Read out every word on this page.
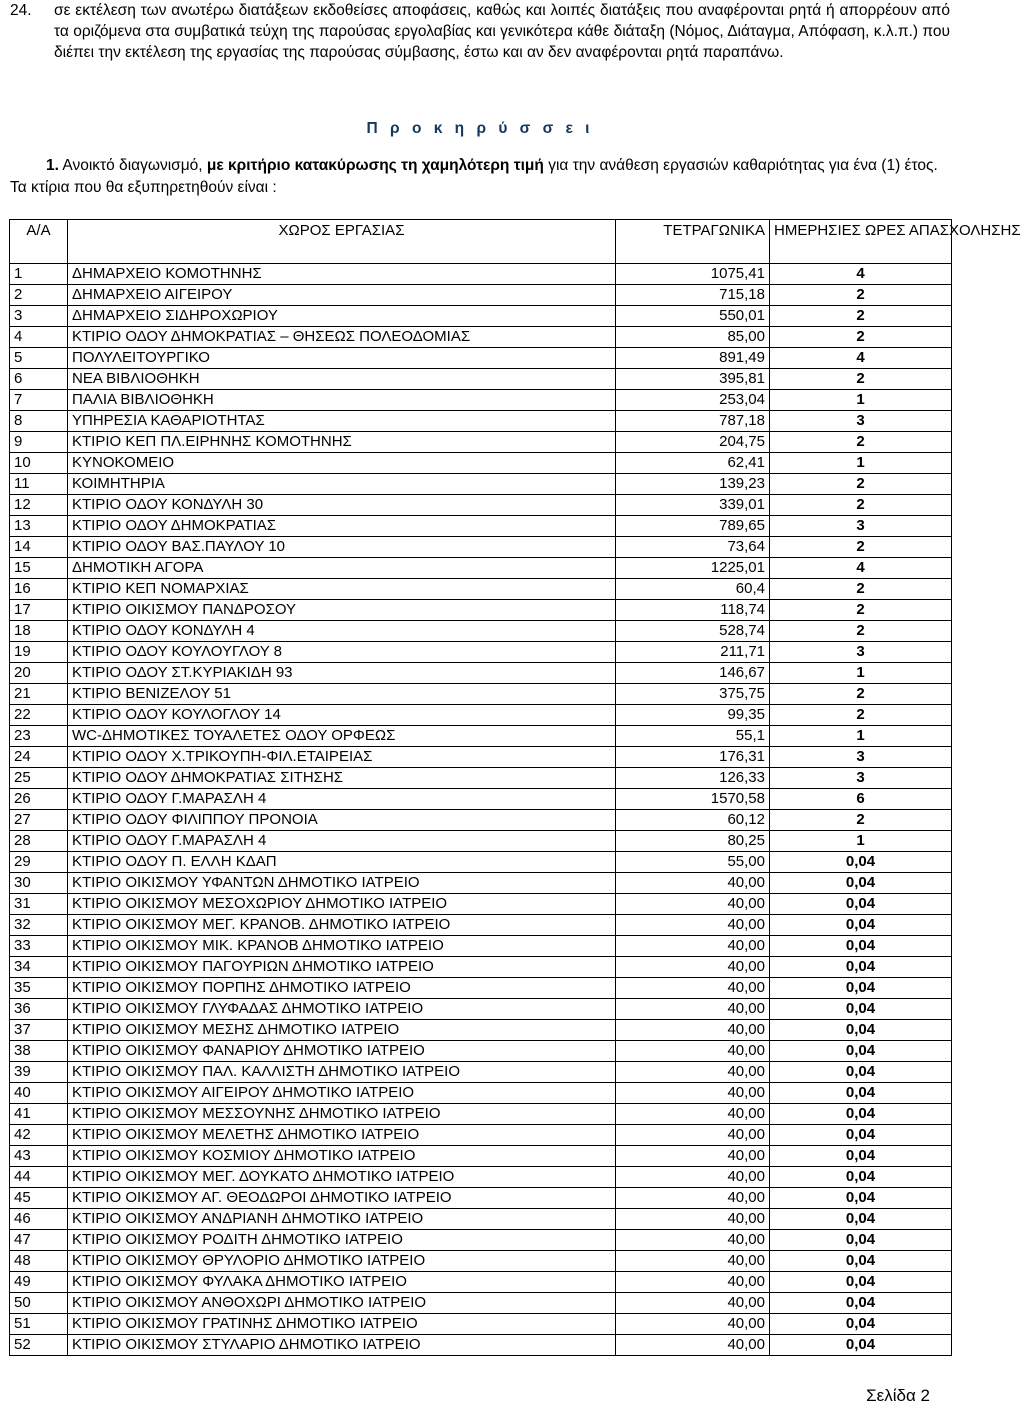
24. σε εκτέλεση των ανωτέρω διατάξεων εκδοθείσες αποφάσεις, καθώς και λοιπές διατάξεις που αναφέρονται ρητά ή απορρέουν από τα οριζόμενα στα συμβατικά τεύχη της παρούσας εργολαβίας και γενικότερα κάθε διάταξη (Νόμος, Διάταγμα, Απόφαση, κ.λ.π.) που διέπει την εκτέλεση της εργασίας της παρούσας σύμβασης, έστω και αν δεν αναφέρονται ρητά παραπάνω.
Π ρ ο κ η ρ ύ σ σ ε ι
1. Ανοικτό διαγωνισμό, με κριτήριο κατακύρωσης τη χαμηλότερη τιμή για την ανάθεση εργασιών καθαριότητας για ένα (1) έτος. Τα κτίρια που θα εξυπηρετηθούν είναι :
Α/Α	ΧΩΡΟΣ ΕΡΓΑΣΙΑΣ	ΤΕΤΡΑΓΩΝΙΚΑ	ΗΜΕΡΗΣΙΕΣ ΩΡΕΣ ΑΠΑΣΧΟΛΗΣΗΣ
1	ΔΗΜΑΡΧΕΙΟ ΚΟΜΟΤΗΝΗΣ	1075,41	4
2	ΔΗΜΑΡΧΕΙΟ ΑΙΓΕΙΡΟΥ	715,18	2
3	ΔΗΜΑΡΧΕΙΟ ΣΙΔΗΡΟΧΩΡΙΟΥ	550,01	2
4	ΚΤΙΡΙΟ ΟΔΟΥ ΔΗΜΟΚΡΑΤΙΑΣ – ΘΗΣΕΩΣ ΠΟΛΕΟΔΟΜΙΑΣ	85,00	2
5	ΠΟΛΥΛΕΙΤΟΥΡΓΙΚΟ	891,49	4
6	ΝΕΑ ΒΙΒΛΙΟΘΗΚΗ	395,81	2
7	ΠΑΛΙΑ ΒΙΒΛΙΟΘΗΚΗ	253,04	1
8	ΥΠΗΡΕΣΙΑ ΚΑΘΑΡΙΟΤΗΤΑΣ	787,18	3
9	ΚΤΙΡΙΟ ΚΕΠ ΠΛ.ΕΙΡΗΝΗΣ ΚΟΜΟΤΗΝΗΣ	204,75	2
10	ΚΥΝΟΚΟΜΕΙΟ	62,41	1
11	ΚΟΙΜΗΤΗΡΙΑ	139,23	2
12	ΚΤΙΡΙΟ ΟΔΟΥ ΚΟΝΔΥΛΗ 30	339,01	2
13	ΚΤΙΡΙΟ ΟΔΟΥ ΔΗΜΟΚΡΑΤΙΑΣ	789,65	3
14	ΚΤΙΡΙΟ ΟΔΟΥ ΒΑΣ.ΠΑΥΛΟΥ 10	73,64	2
15	ΔΗΜΟΤΙΚΗ ΑΓΟΡΑ	1225,01	4
16	ΚΤΙΡΙΟ ΚΕΠ ΝΟΜΑΡΧΙΑΣ	60,4	2
17	ΚΤΙΡΙΟ ΟΙΚΙΣΜΟΥ ΠΑΝΔΡΟΣΟΥ	118,74	2
18	ΚΤΙΡΙΟ ΟΔΟΥ ΚΟΝΔΥΛΗ 4	528,74	2
19	ΚΤΙΡΙΟ ΟΔΟΥ ΚΟΥΛΟΥΓΛΟΥ 8	211,71	3
20	ΚΤΙΡΙΟ ΟΔΟΥ ΣΤ.ΚΥΡΙΑΚΙΔΗ 93	146,67	1
21	ΚΤΙΡΙΟ ΒΕΝΙΖΕΛΟΥ 51	375,75	2
22	ΚΤΙΡΙΟ ΟΔΟΥ ΚΟΥΛΟΓΛΟΥ 14	99,35	2
23	WC-ΔΗΜΟΤΙΚΕΣ ΤΟΥΑΛΕΤΕΣ ΟΔΟΥ ΟΡΦΕΩΣ	55,1	1
24	ΚΤΙΡΙΟ ΟΔΟΥ Χ.ΤΡΙΚΟΥΠΗ-ΦΙΛ.ΕΤΑΙΡΕΙΑΣ	176,31	3
25	ΚΤΙΡΙΟ ΟΔΟΥ ΔΗΜΟΚΡΑΤΙΑΣ ΣΙΤΗΣΗΣ	126,33	3
26	ΚΤΙΡΙΟ ΟΔΟΥ Γ.ΜΑΡΑΣΛΗ 4	1570,58	6
27	ΚΤΙΡΙΟ ΟΔΟΥ ΦΙΛΙΠΠΟΥ ΠΡΟΝΟΙΑ	60,12	2
28	ΚΤΙΡΙΟ ΟΔΟΥ Γ.ΜΑΡΑΣΛΗ 4	80,25	1
29	ΚΤΙΡΙΟ ΟΔΟΥ Π. ΕΛΛΗ ΚΔΑΠ	55,00	0,04
30	ΚΤΙΡΙΟ ΟΙΚΙΣΜΟΥ ΥΦΑΝΤΩΝ ΔΗΜΟΤΙΚΟ ΙΑΤΡΕΙΟ	40,00	0,04
31	ΚΤΙΡΙΟ ΟΙΚΙΣΜΟΥ ΜΕΣΟΧΩΡΙΟΥ ΔΗΜΟΤΙΚΟ ΙΑΤΡΕΙΟ	40,00	0,04
32	ΚΤΙΡΙΟ ΟΙΚΙΣΜΟΥ ΜΕΓ. ΚΡΑΝΟΒ. ΔΗΜΟΤΙΚΟ ΙΑΤΡΕΙΟ	40,00	0,04
33	ΚΤΙΡΙΟ ΟΙΚΙΣΜΟΥ ΜΙΚ. ΚΡΑΝΟΒ ΔΗΜΟΤΙΚΟ ΙΑΤΡΕΙΟ	40,00	0,04
34	ΚΤΙΡΙΟ ΟΙΚΙΣΜΟΥ ΠΑΓΟΥΡΙΩΝ ΔΗΜΟΤΙΚΟ ΙΑΤΡΕΙΟ	40,00	0,04
35	ΚΤΙΡΙΟ ΟΙΚΙΣΜΟΥ ΠΟΡΠΗΣ ΔΗΜΟΤΙΚΟ ΙΑΤΡΕΙΟ	40,00	0,04
36	ΚΤΙΡΙΟ ΟΙΚΙΣΜΟΥ ΓΛΥΦΑΔΑΣ ΔΗΜΟΤΙΚΟ ΙΑΤΡΕΙΟ	40,00	0,04
37	ΚΤΙΡΙΟ ΟΙΚΙΣΜΟΥ ΜΕΣΗΣ ΔΗΜΟΤΙΚΟ ΙΑΤΡΕΙΟ	40,00	0,04
38	ΚΤΙΡΙΟ ΟΙΚΙΣΜΟΥ ΦΑΝΑΡΙΟΥ ΔΗΜΟΤΙΚΟ ΙΑΤΡΕΙΟ	40,00	0,04
39	ΚΤΙΡΙΟ ΟΙΚΙΣΜΟΥ ΠΑΛ. ΚΑΛΛΙΣΤΗ ΔΗΜΟΤΙΚΟ ΙΑΤΡΕΙΟ	40,00	0,04
40	ΚΤΙΡΙΟ ΟΙΚΙΣΜΟΥ ΑΙΓΕΙΡΟΥ ΔΗΜΟΤΙΚΟ ΙΑΤΡΕΙΟ	40,00	0,04
41	ΚΤΙΡΙΟ ΟΙΚΙΣΜΟΥ ΜΕΣΣΟΥΝΗΣ ΔΗΜΟΤΙΚΟ ΙΑΤΡΕΙΟ	40,00	0,04
42	ΚΤΙΡΙΟ ΟΙΚΙΣΜΟΥ ΜΕΛΕΤΗΣ ΔΗΜΟΤΙΚΟ ΙΑΤΡΕΙΟ	40,00	0,04
43	ΚΤΙΡΙΟ ΟΙΚΙΣΜΟΥ ΚΟΣΜΙΟΥ ΔΗΜΟΤΙΚΟ ΙΑΤΡΕΙΟ	40,00	0,04
44	ΚΤΙΡΙΟ ΟΙΚΙΣΜΟΥ ΜΕΓ. ΔΟΥΚΑΤΟ ΔΗΜΟΤΙΚΟ ΙΑΤΡΕΙΟ	40,00	0,04
45	ΚΤΙΡΙΟ ΟΙΚΙΣΜΟΥ ΑΓ. ΘΕΟΔΩΡΟΙ ΔΗΜΟΤΙΚΟ ΙΑΤΡΕΙΟ	40,00	0,04
46	ΚΤΙΡΙΟ ΟΙΚΙΣΜΟΥ ΑΝΔΡΙΑΝΗ ΔΗΜΟΤΙΚΟ ΙΑΤΡΕΙΟ	40,00	0,04
47	ΚΤΙΡΙΟ ΟΙΚΙΣΜΟΥ ΡΟΔΙΤΗ ΔΗΜΟΤΙΚΟ ΙΑΤΡΕΙΟ	40,00	0,04
48	ΚΤΙΡΙΟ ΟΙΚΙΣΜΟΥ ΘΡΥΛΟΡΙΟ ΔΗΜΟΤΙΚΟ ΙΑΤΡΕΙΟ	40,00	0,04
49	ΚΤΙΡΙΟ ΟΙΚΙΣΜΟΥ ΦΥΛΑΚΑ ΔΗΜΟΤΙΚΟ ΙΑΤΡΕΙΟ	40,00	0,04
50	ΚΤΙΡΙΟ ΟΙΚΙΣΜΟΥ ΑΝΘΟΧΩΡΙ ΔΗΜΟΤΙΚΟ ΙΑΤΡΕΙΟ	40,00	0,04
51	ΚΤΙΡΙΟ ΟΙΚΙΣΜΟΥ ΓΡΑΤΙΝΗΣ ΔΗΜΟΤΙΚΟ ΙΑΤΡΕΙΟ	40,00	0,04
52	ΚΤΙΡΙΟ ΟΙΚΙΣΜΟΥ ΣΤΥΛΑΡΙΟ ΔΗΜΟΤΙΚΟ ΙΑΤΡΕΙΟ	40,00	0,04
Σελίδα 2
